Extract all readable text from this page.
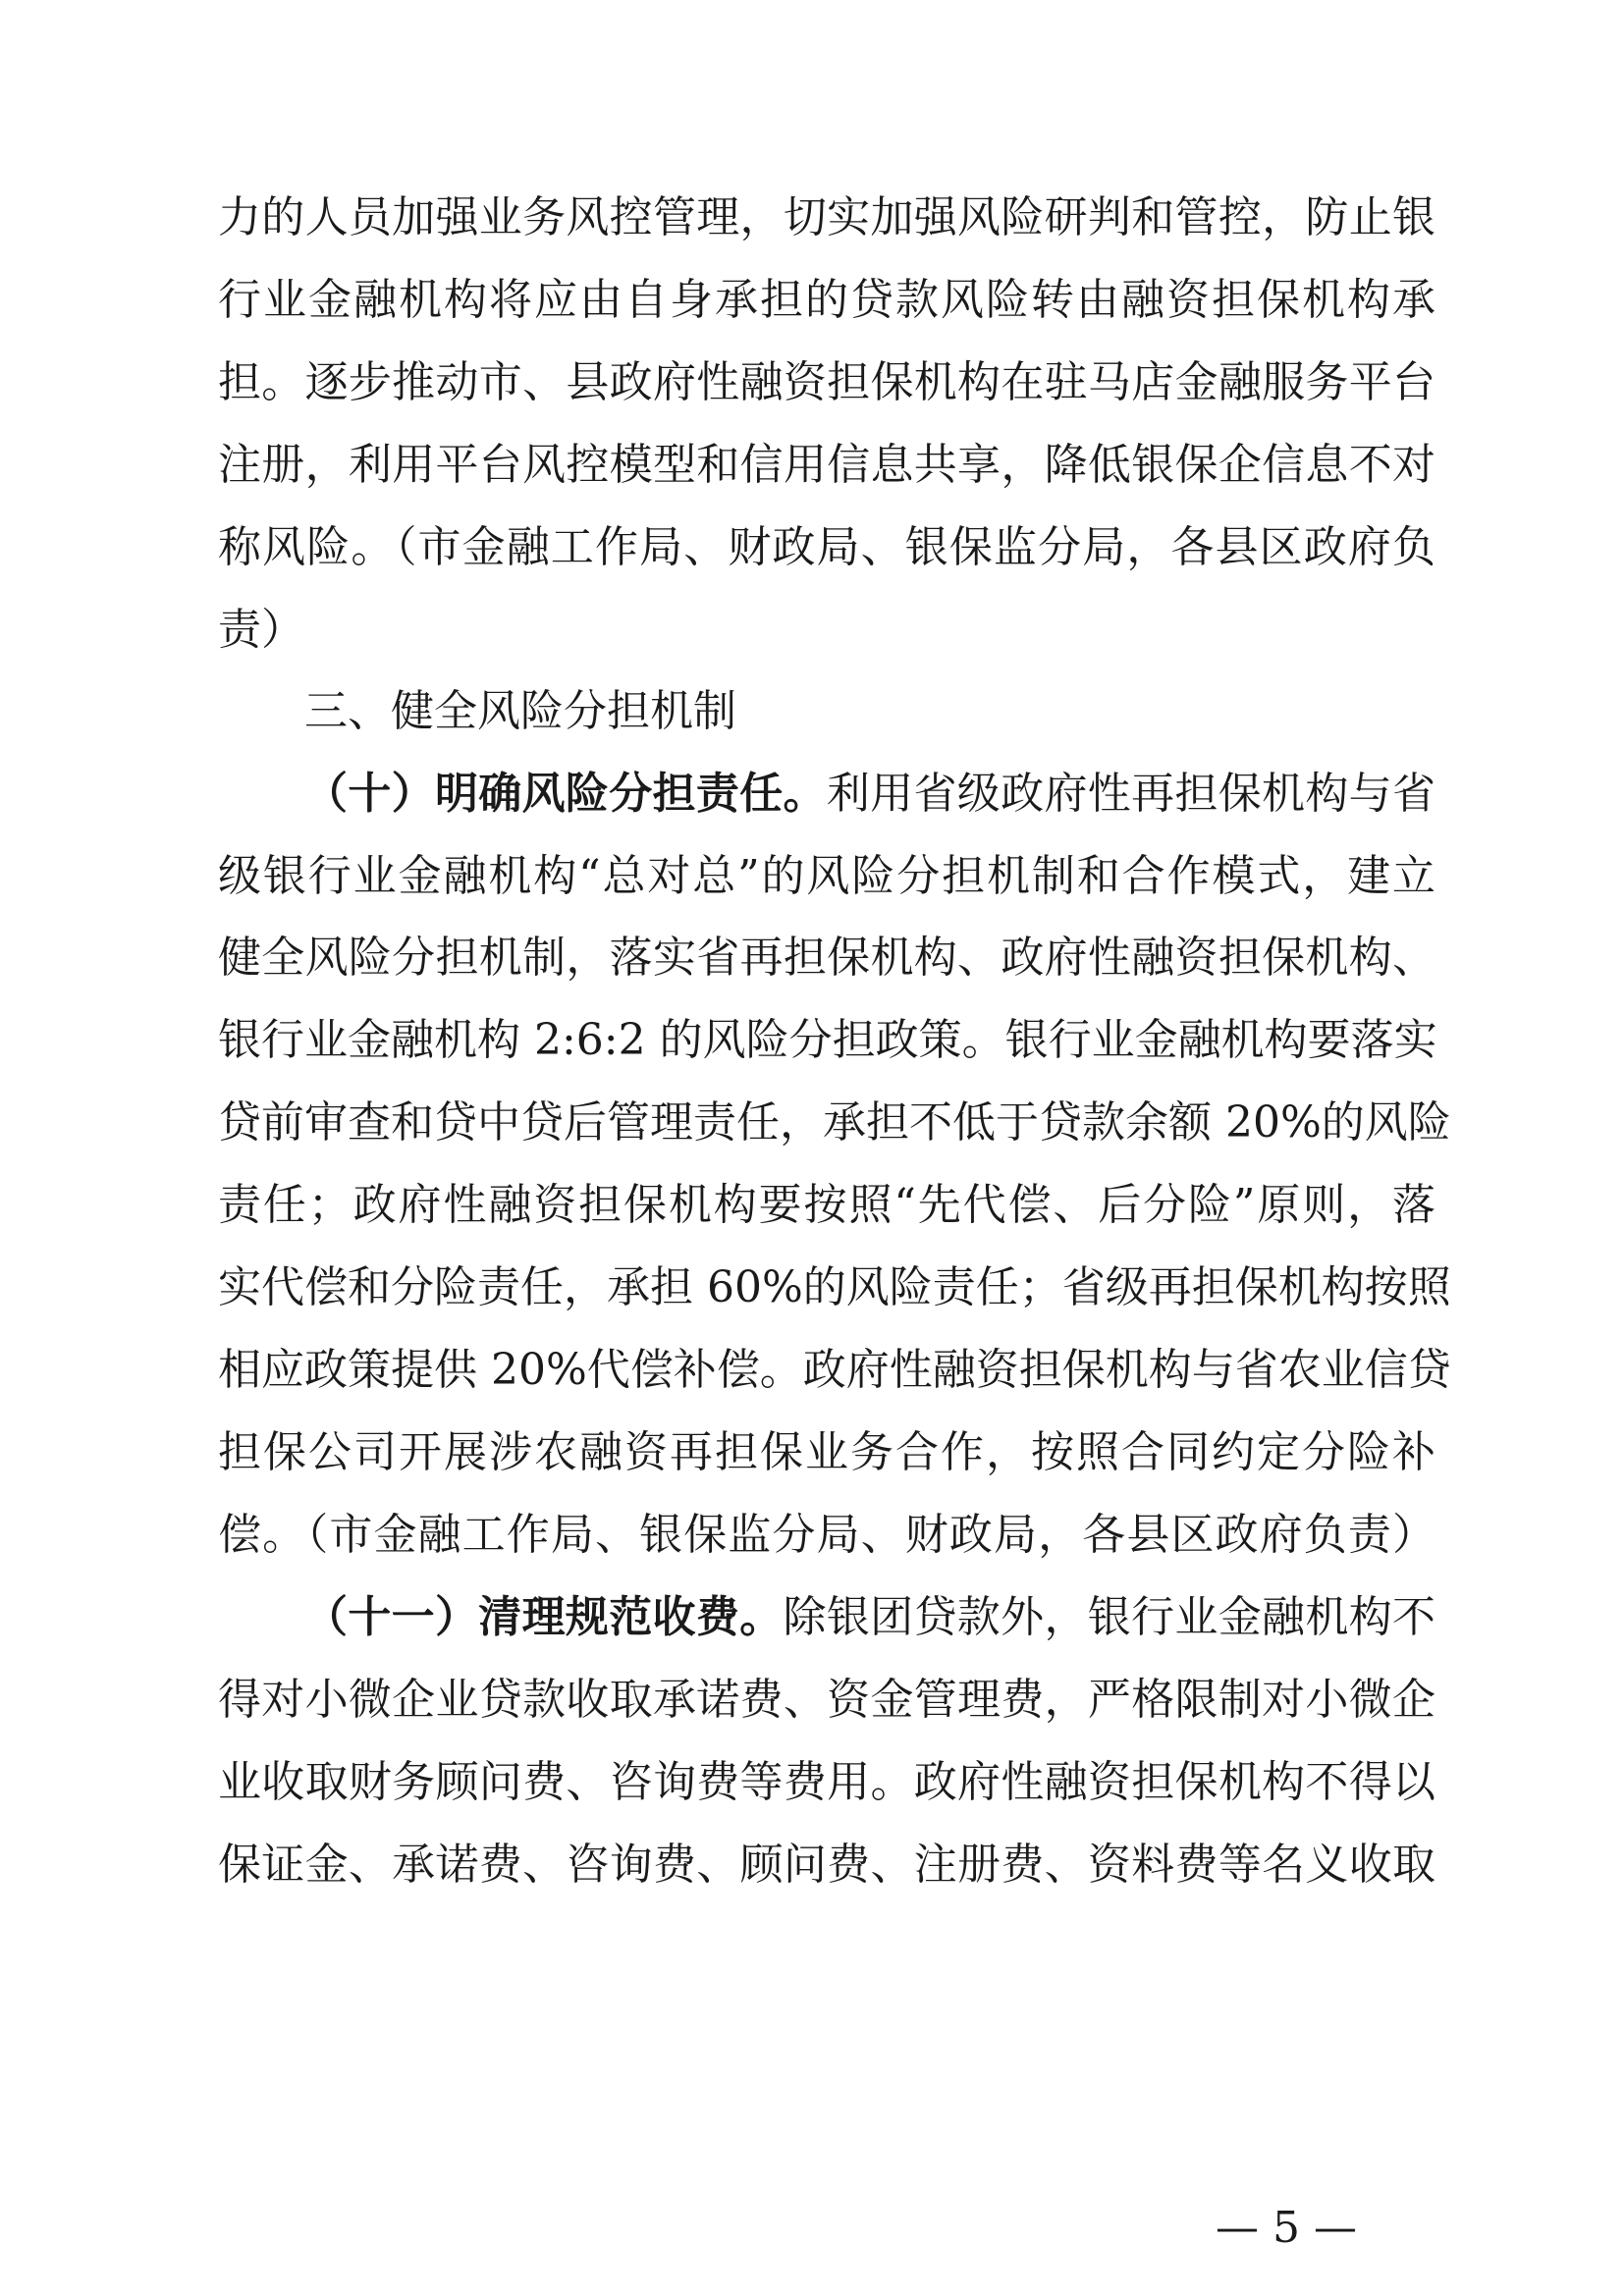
力的人员加强业务风控管理，切实加强风险研判和管控，防止银
行业金融机构将应由自身承担的贷款风险转由融资担保机构承
担。逐步推动市、县政府性融资担保机构在驻马店金融服务平台
注册，利用平台风控模型和信用信息共享，降低银保企信息不对
称风险。（市金融工作局、财政局、银保监分局，各县区政府负
责）
三、健全风险分担机制
（十）明确风险分担责任。利用省级政府性再担保机构与省
级银行业金融机构“总对总”的风险分担机制和合作模式，建立
健全风险分担机制，落实省再担保机构、政府性融资担保机构、
银行业金融机构 2:6:2 的风险分担政策。银行业金融机构要落实
贷前审查和贷中贷后管理责任，承担不低于贷款余额 20%的风险
责任；政府性融资担保机构要按照“先代偿、后分险”原则，落
实代偿和分险责任，承担 60%的风险责任；省级再担保机构按照
相应政策提供 20%代偿补偿。政府性融资担保机构与省农业信贷
担保公司开展涉农融资再担保业务合作，按照合同约定分险补
偿。（市金融工作局、银保监分局、财政局，各县区政府负责）
（十一）清理规范收费。除银团贷款外，银行业金融机构不
得对小微企业贷款收取承诺费、资金管理费，严格限制对小微企
业收取财务顾问费、咨询费等费用。政府性融资担保机构不得以
保证金、承诺费、咨询费、顾问费、注册费、资料费等名义收取
— 5 —
